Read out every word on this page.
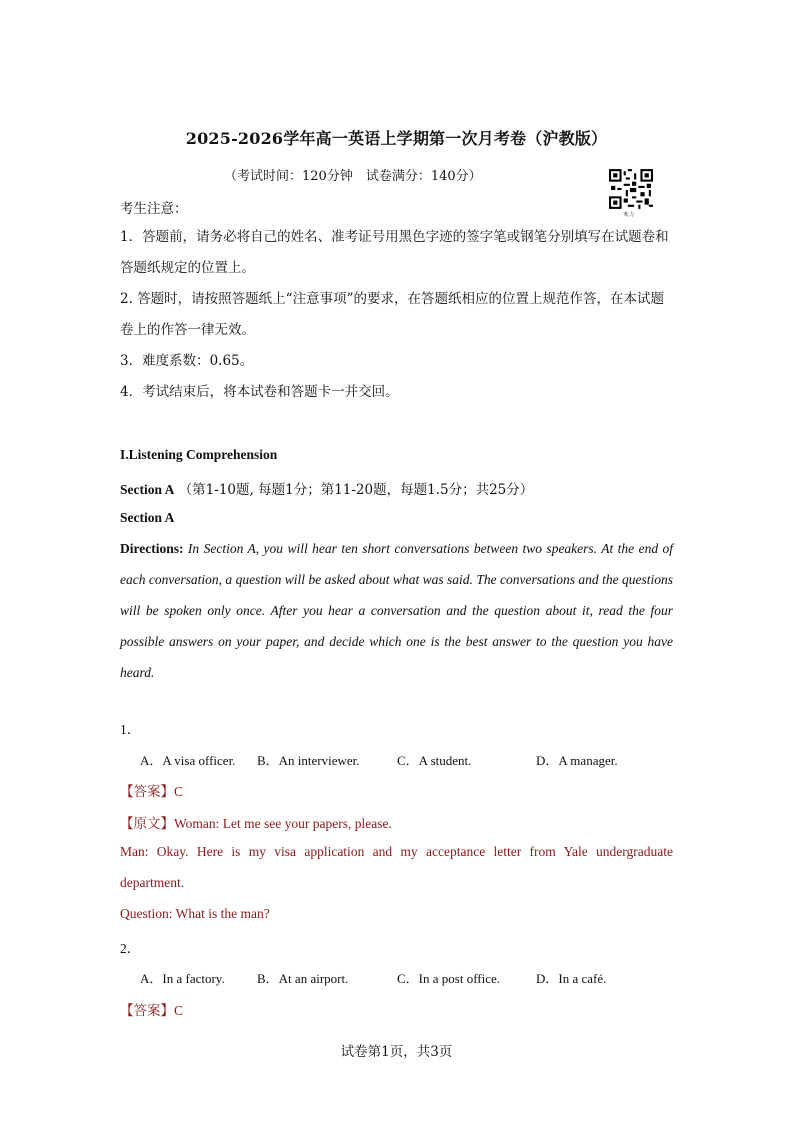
2025-2026学年高一英语上学期第一次月考卷（沪教版）
（考试时间：120分钟　试卷满分：140分）
帐力
考生注意：
1．答题前，请务必将自己的姓名、准考证号用黑色字迹的签字笔或钢笔分别填写在试题卷和答题纸规定的位置上。
2. 答题时，请按照答题纸上“注意事项”的要求，在答题纸相应的位置上规范作答，在本试题卷上的作答一律无效。
3．难度系数：0.65。
4．考试结束后，将本试卷和答题卡一并交回。
I.Listening Comprehension
Section A （第1-10题, 每题1分；第11-20题，每题1.5分；共25分）
Section A
Directions: In Section A, you will hear ten short conversations between two speakers. At the end of each conversation, a question will be asked about what was said. The conversations and the questions will be spoken only once. After you hear a conversation and the question about it, read the four possible answers on your paper, and decide which one is the best answer to the question you have heard.
1．
A．A visa officer. B．An interviewer.	C．A student.	D．A manager.
【答案】C
【原文】Woman: Let me see your papers, please.
Man: Okay. Here is my visa application and my acceptance letter from Yale undergraduate department.
Question: What is the man?
2．
A．In a factory. B．At an airport.	C．In a post office.	D．In a café.
【答案】C
试卷第1页，共3页
